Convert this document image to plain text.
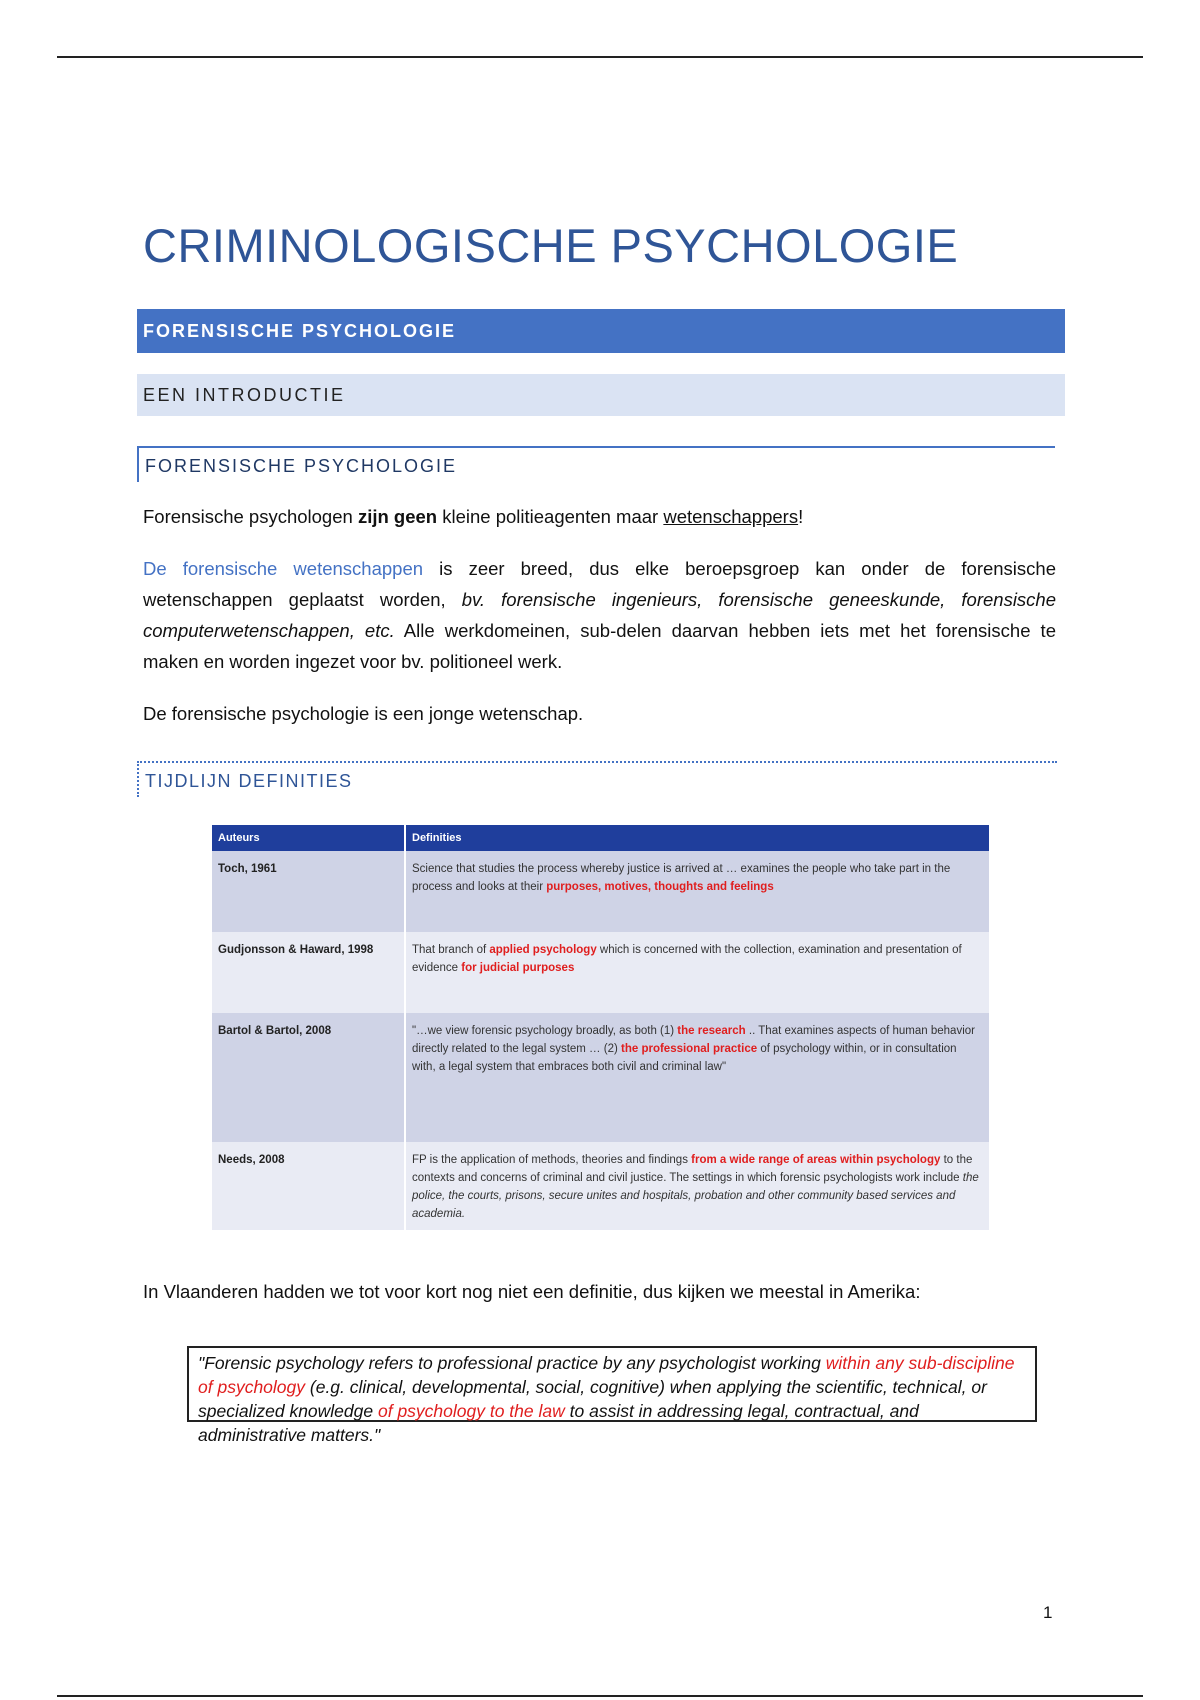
CRIMINOLOGISCHE PSYCHOLOGIE
FORENSISCHE PSYCHOLOGIE
EEN INTRODUCTIE
FORENSISCHE PSYCHOLOGIE

Forensische psychologen zijn geen kleine politieagenten maar wetenschappers!

De forensische wetenschappen is zeer breed, dus elke beroepsgroep kan onder de forensische wetenschappen geplaatst worden, bv. forensische ingenieurs, forensische geneeskunde, forensische computerwetenschappen, etc. Alle werkdomeinen, sub-delen daarvan hebben iets met het forensische te maken en worden ingezet voor bv. politioneel werk.

De forensische psychologie is een jonge wetenschap.

TIJDLIJN DEFINITIES
Auteurs	Definities
Toch, 1961	Science that studies the process whereby justice is arrived at … examines the people who take part in the process and looks at their purposes, motives, thoughts and feelings
Gudjonsson & Haward, 1998	That branch of applied psychology which is concerned with the collection, examination and presentation of evidence for judicial purposes
Bartol & Bartol, 2008	"…we view forensic psychology broadly, as both (1) the research .. That examines aspects of human behavior directly related to the legal system … (2) the professional practice of psychology within, or in consultation with, a legal system that embraces both civil and criminal law"
Needs, 2008	FP is the application of methods, theories and findings from a wide range of areas within psychology to the contexts and concerns of criminal and civil justice. The settings in which forensic psychologists work include the police, the courts, prisons, secure unites and hospitals, probation and other community based services and academia.

In Vlaanderen hadden we tot voor kort nog niet een definitie, dus kijken we meestal in Amerika:

"Forensic psychology refers to professional practice by any psychologist working within any sub-discipline of psychology (e.g. clinical, developmental, social, cognitive) when applying the scientific, technical, or specialized knowledge of psychology to the law to assist in addressing legal, contractual, and administrative matters."
1
